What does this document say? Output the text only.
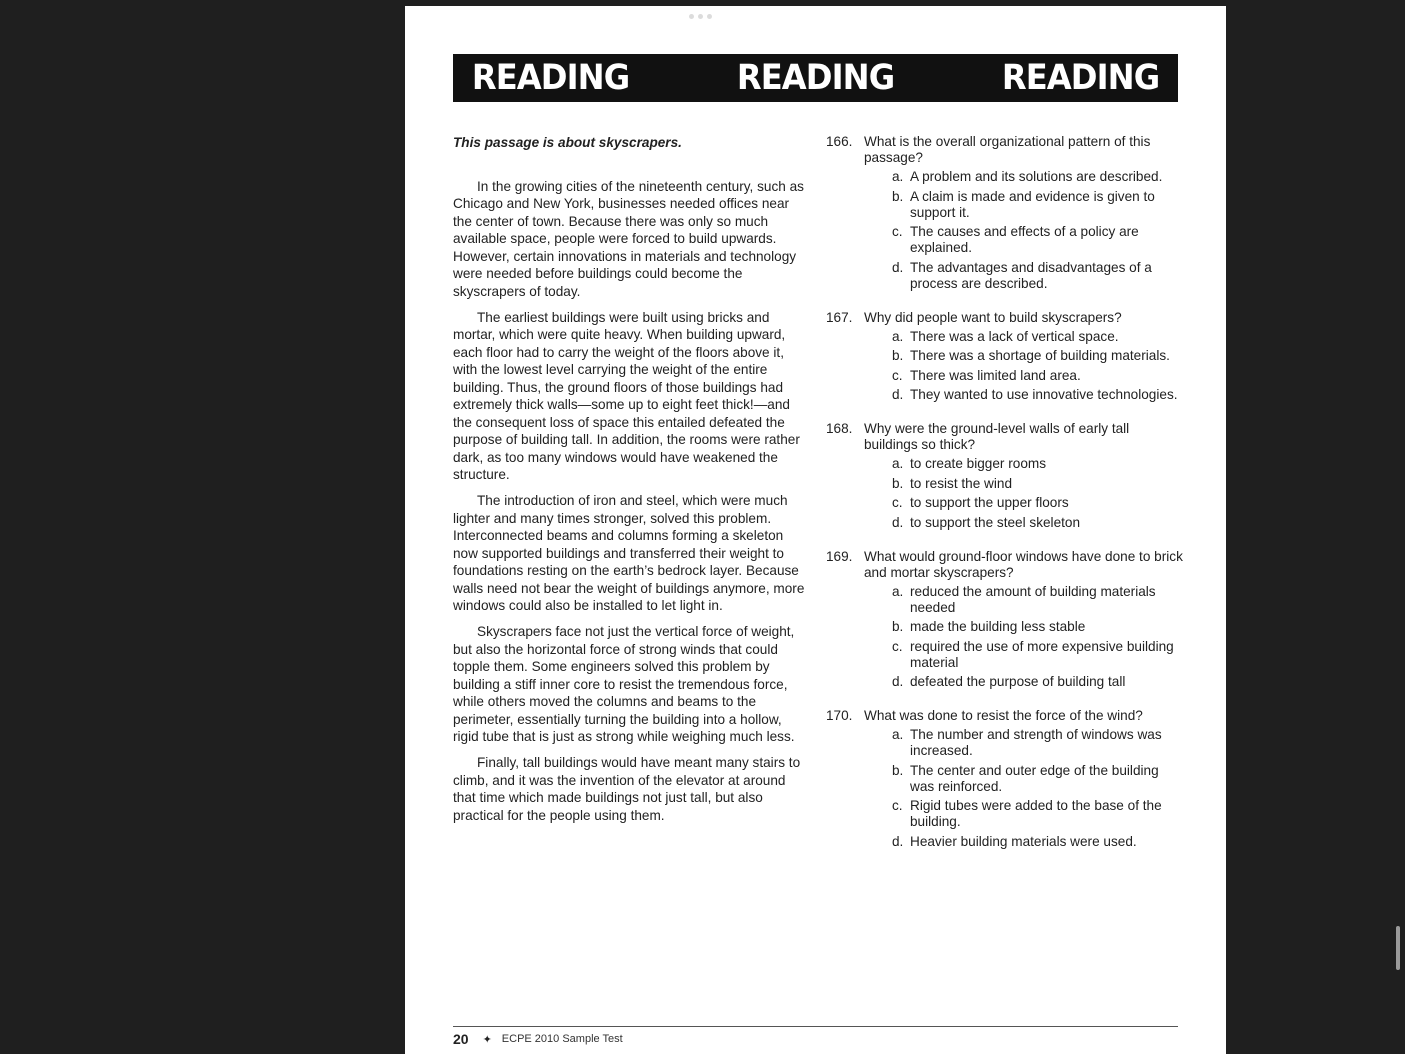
READING	READING	READING

This passage is about skyscrapers.

In the growing cities of the nineteenth century, such as Chicago and New York, businesses needed offices near the center of town. Because there was only so much available space, people were forced to build upwards. However, certain innovations in materials and technology were needed before buildings could become the skyscrapers of today.

The earliest buildings were built using bricks and mortar, which were quite heavy. When building upward, each floor had to carry the weight of the floors above it, with the lowest level carrying the weight of the entire building. Thus, the ground floors of those buildings had extremely thick walls—some up to eight feet thick!—and the consequent loss of space this entailed defeated the purpose of building tall. In addition, the rooms were rather dark, as too many windows would have weakened the structure.

The introduction of iron and steel, which were much lighter and many times stronger, solved this problem. Interconnected beams and columns forming a skeleton now supported buildings and transferred their weight to foundations resting on the earth’s bedrock layer. Because walls need not bear the weight of buildings anymore, more windows could also be installed to let light in.

Skyscrapers face not just the vertical force of weight, but also the horizontal force of strong winds that could topple them. Some engineers solved this problem by building a stiff inner core to resist the tremendous force, while others moved the columns and beams to the perimeter, essentially turning the building into a hollow, rigid tube that is just as strong while weighing much less.

Finally, tall buildings would have meant many stairs to climb, and it was the invention of the elevator at around that time which made buildings not just tall, but also practical for the people using them.

166. What is the overall organizational pattern of this passage?
a. A problem and its solutions are described.
b. A claim is made and evidence is given to support it.
c. The causes and effects of a policy are explained.
d. The advantages and disadvantages of a process are described.
167. Why did people want to build skyscrapers?
a. There was a lack of vertical space.
b. There was a shortage of building materials.
c. There was limited land area.
d. They wanted to use innovative technologies.
168. Why were the ground-level walls of early tall buildings so thick?
a. to create bigger rooms
b. to resist the wind
c. to support the upper floors
d. to support the steel skeleton
169. What would ground-floor windows have done to brick and mortar skyscrapers?
a. reduced the amount of building materials needed
b. made the building less stable
c. required the use of more expensive building material
d. defeated the purpose of building tall
170. What was done to resist the force of the wind?
a. The number and strength of windows was increased.
b. The center and outer edge of the building was reinforced.
c. Rigid tubes were added to the base of the building.
d. Heavier building materials were used.
20 ✦ ECPE 2010 Sample Test
